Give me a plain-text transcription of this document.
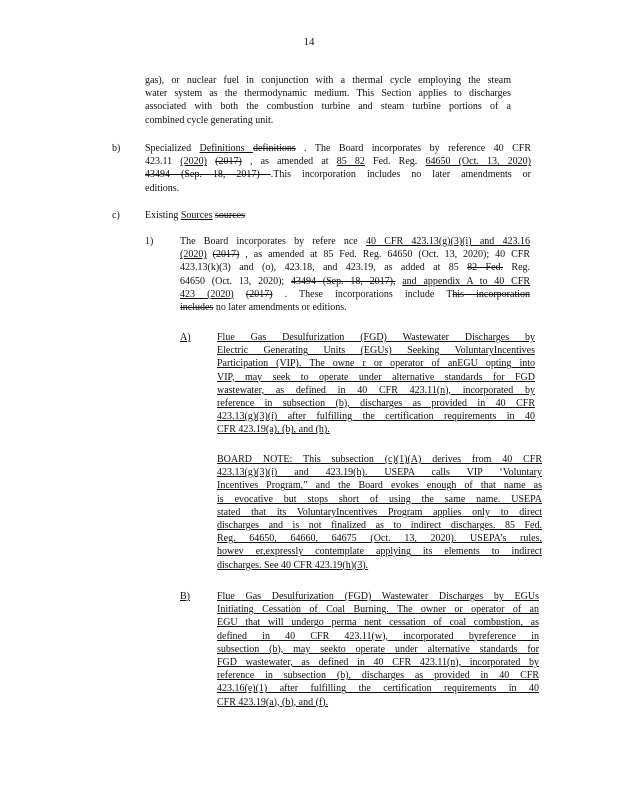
14
gas), or nuclear fuel in conjunction with a thermal cycle employing the steam
water system as the thermodynamic medium. This Section applies to discharges
associated with both the combustion turbine and steam turbine portions of a
combined cycle generating unit.
b) Specialized Definitions definitions . The Board incorporates by reference 40 CFR
423.11 (2020) (2017) , as amended at 85 82 Fed. Reg. 64650 (Oct. 13, 2020)
43494 (Sep. 18, 2017) .This incorporation includes no later amendments or
editions.
c)	Existing Sources sources
1)	The Board incorporates by refere nce 40 CFR 423.13(g)(3)(i) and 423.16
(2020) (2017) , as amended at 85 Fed. Reg. 64650 (Oct. 13, 2020); 40 CFR
423.13(k)(3) and (o), 423.18, and 423.19, as added at 85 82 Fed. Reg.
64650 (Oct. 13, 2020); 43494 (Sep. 18, 2017), and appendix A to 40 CFR
423 (2020) (2017) . These incorporations include This incorporation
includes no later amendments or editions.
A)	Flue Gas Desulfurization (FGD) Wastewater Discharges by
Electric Generating Units (EGUs) Seeking VoluntaryIncentives
Participation (VIP). The owne r or operator of anEGU opting into
VIP, may seek to operate under alternative standards for FGD
wastewater, as defined in 40 CFR 423.11(n), incorporated by
reference in subsection (b), discharges as provided in 40 CFR
423.13(g)(3)(i) after fulfilling the certification requirements in 40
CFR 423.19(a), (b), and (h).
BOARD NOTE: This subsection (c)(1)(A) derives from 40 CFR
423.13(g)(3)(i) and 423.19(h). USEPA calls VIP ‘Voluntary
Incentives Program,” and the Board evokes enough of that name as
is evocative but stops short of using the same name. USEPA
stated that its VoluntaryIncentives Program applies only to direct
discharges and is not finalized as to indirect discharges. 85 Fed.
Reg. 64650, 64660, 64675 (Oct. 13, 2020). USEPA’s rules,
howev er,expressly contemplate applying its elements to indirect
discharges. See 40 CFR 423.19(h)(3).
B)	Flue Gas Desulfurization (FGD) Wastewater Discharges by EGUs
Initiating Cessation of Coal Burning. The owner or operator of an
EGU that will undergo perma nent cessation of coal combustion, as
defined in 40 CFR 423.11(w), incorporated byreference in
subsection (b), may seekto operate under alternative standards for
FGD wastewater, as defined in 40 CFR 423.11(n), incorporated by
reference in subsection (b), discharges as provided in 40 CFR
423.16(e)(1) after fulfilling the certification requirements in 40
CFR 423.19(a), (b), and (f).
